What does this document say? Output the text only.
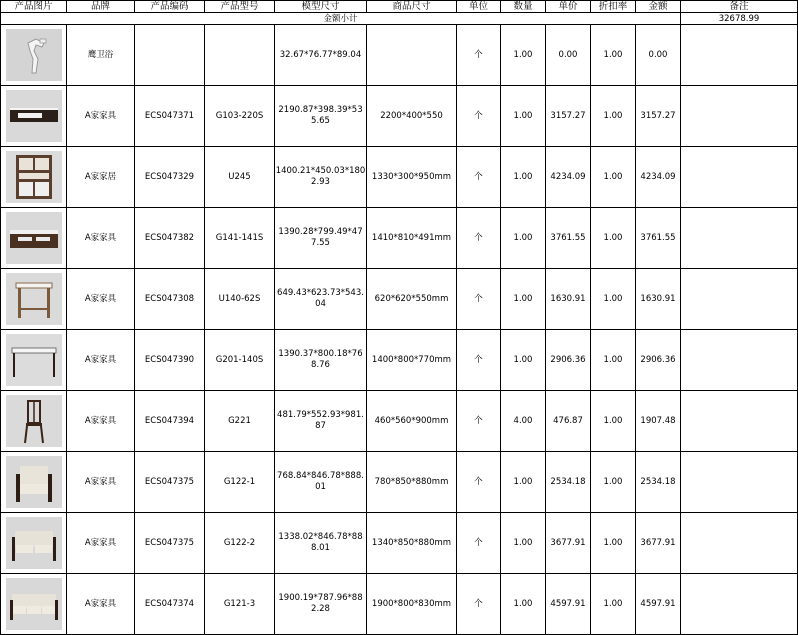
产品图片	品牌	产品编码	产品型号	模型尺寸	商品尺寸	单位	数量	单价	折扣率	金额	备注
金额小计											32678.99

	鹰卫浴			32.67*76.77*89.04		个	1.00	0.00	1.00	0.00	

	A家家具	ECS047371	G103-220S	2190.87*398.39*535.65	2200*400*550	个	1.00	3157.27	1.00	3157.27	

	A家家居	ECS047329	U245	1400.21*450.03*1802.93	1330*300*950mm	个	1.00	4234.09	1.00	4234.09	

	A家家具	ECS047382	G141-141S	1390.28*799.49*477.55	1410*810*491mm	个	1.00	3761.55	1.00	3761.55	

	A家家具	ECS047308	U140-62S	649.43*623.73*543.04	620*620*550mm	个	1.00	1630.91	1.00	1630.91	

	A家家具	ECS047390	G201-140S	1390.37*800.18*768.76	1400*800*770mm	个	1.00	2906.36	1.00	2906.36	

	A家家具	ECS047394	G221	481.79*552.93*981.87	460*560*900mm	个	4.00	476.87	1.00	1907.48	

	A家家具	ECS047375	G122-1	768.84*846.78*888.01	780*850*880mm	个	1.00	2534.18	1.00	2534.18	

	A家家具	ECS047375	G122-2	1338.02*846.78*888.01	1340*850*880mm	个	1.00	3677.91	1.00	3677.91	

	A家家具	ECS047374	G121-3	1900.19*787.96*882.28	1900*800*830mm	个	1.00	4597.91	1.00	4597.91	
